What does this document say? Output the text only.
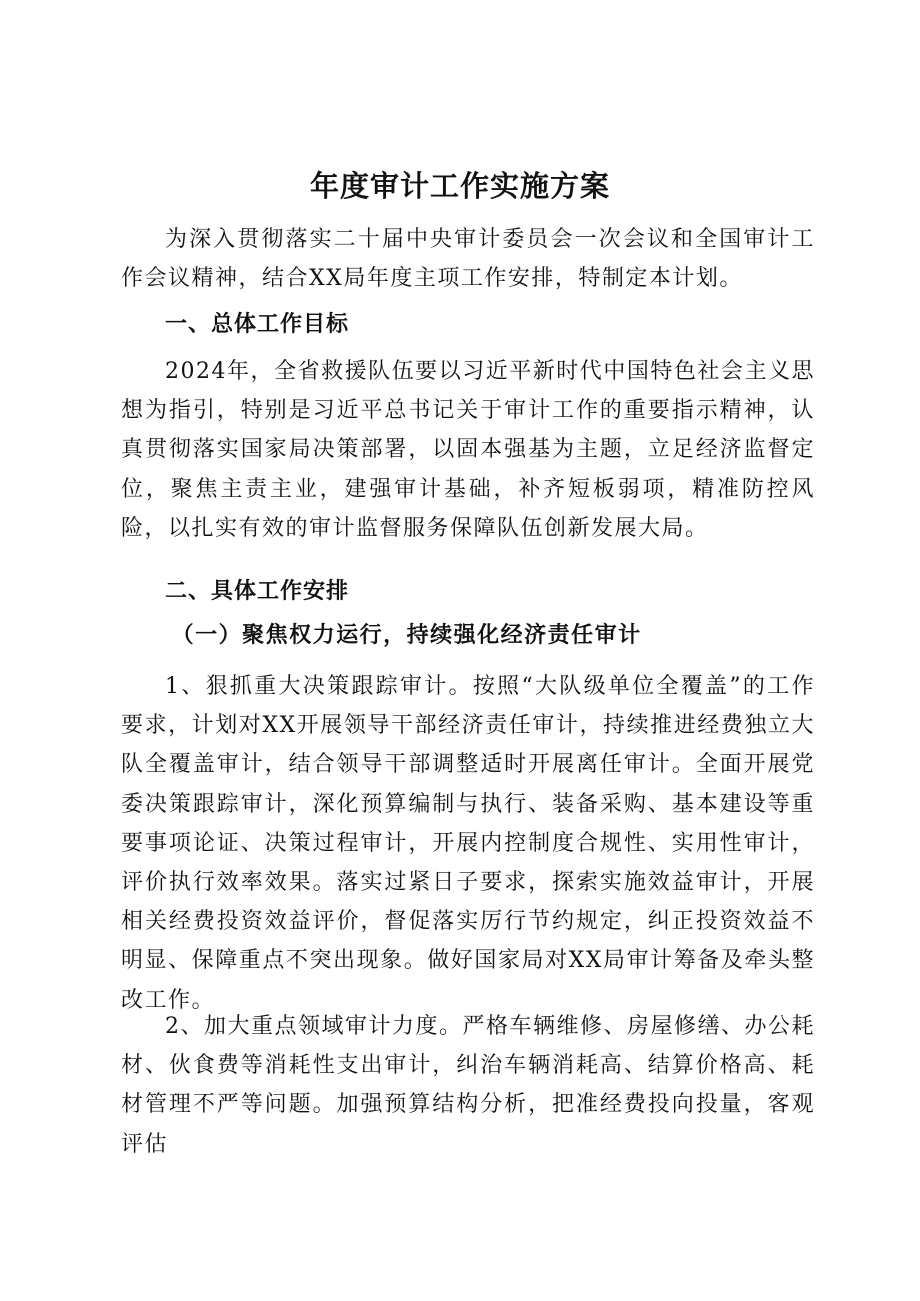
年度审计工作实施方案

为深入贯彻落实二十届中央审计委员会一次会议和全国审计工作会议精神，结合XX局年度主项工作安排，特制定本计划。

一、总体工作目标

2024年，全省救援队伍要以习近平新时代中国特色社会主义思想为指引，特别是习近平总书记关于审计工作的重要指示精神，认真贯彻落实国家局决策部署，以固本强基为主题，立足经济监督定位，聚焦主责主业，建强审计基础，补齐短板弱项，精准防控风险，以扎实有效的审计监督服务保障队伍创新发展大局。

二、具体工作安排
（一）聚焦权力运行，持续强化经济责任审计

1、狠抓重大决策跟踪审计。按照“大队级单位全覆盖”的工作要求，计划对XX开展领导干部经济责任审计，持续推进经费独立大队全覆盖审计，结合领导干部调整适时开展离任审计。全面开展党委决策跟踪审计，深化预算编制与执行、装备采购、基本建设等重要事项论证、决策过程审计，开展内控制度合规性、实用性审计，评价执行效率效果。落实过紧日子要求，探索实施效益审计，开展相关经费投资效益评价，督促落实厉行节约规定，纠正投资效益不明显、保障重点不突出现象。做好国家局对XX局审计筹备及牵头整改工作。

2、加大重点领域审计力度。严格车辆维修、房屋修缮、办公耗材、伙食费等消耗性支出审计，纠治车辆消耗高、结算价格高、耗材管理不严等问题。加强预算结构分析，把准经费投向投量，客观评估
